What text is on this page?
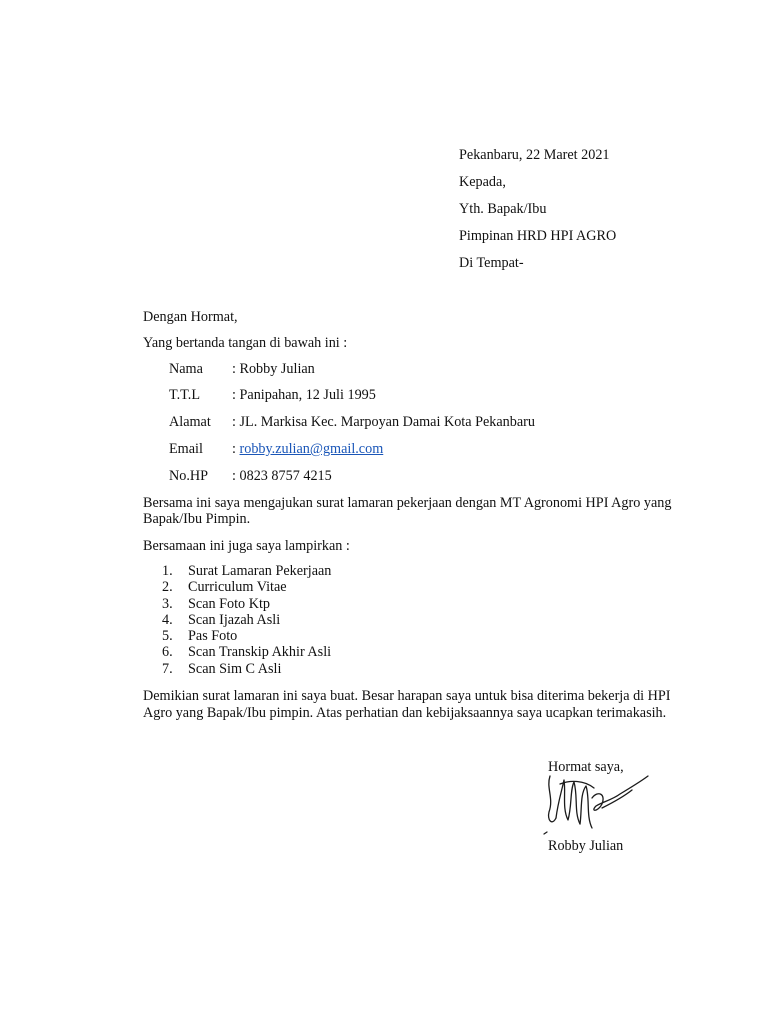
Pekanbaru, 22 Maret 2021
Kepada,
Yth. Bapak/Ibu
Pimpinan HRD HPI AGRO
Di Tempat-
Dengan Hormat,
Yang bertanda tangan di bawah ini :
Nama : Robby Julian
T.T.L : Panipahan, 12 Juli 1995
Alamat : JL. Markisa Kec. Marpoyan Damai Kota Pekanbaru
Email : robby.zulian@gmail.com
No.HP : 0823 8757 4215
Bersama ini saya mengajukan surat lamaran pekerjaan dengan MT Agronomi HPI Agro yang
Bapak/Ibu Pimpin.
Bersamaan ini juga saya lampirkan :
1. Surat Lamaran Pekerjaan
2. Curriculum Vitae
3. Scan Foto Ktp
4. Scan Ijazah Asli
5. Pas Foto
6. Scan Transkip Akhir Asli
7. Scan Sim C Asli
Demikian surat lamaran ini saya buat. Besar harapan saya untuk bisa diterima bekerja di HPI
Agro yang Bapak/Ibu pimpin. Atas perhatian dan kebijaksaannya saya ucapkan terimakasih.
Hormat saya,
Robby Julian
